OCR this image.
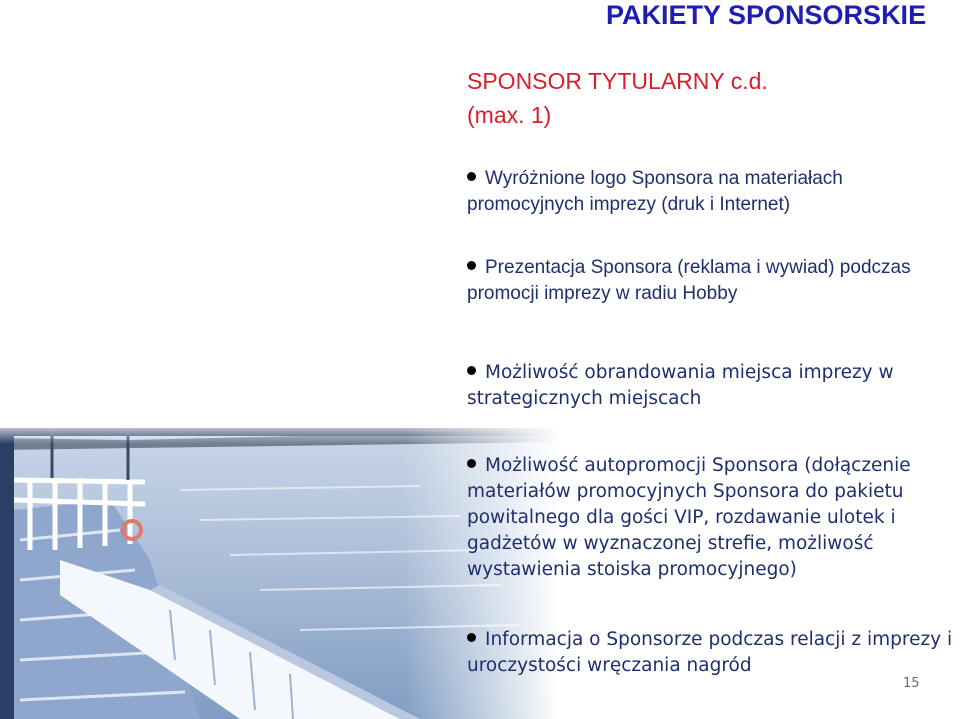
PAKIETY SPONSORSKIE
SPONSOR TYTULARNY c.d.
(max. 1)
Wyróżnione logo Sponsora na materiałach promocyjnych imprezy (druk i Internet)
Prezentacja Sponsora (reklama i wywiad) podczas promocji imprezy w radiu Hobby
Możliwość obrandowania miejsca imprezy w strategicznych miejscach
Możliwość autopromocji Sponsora (dołączenie materiałów promocyjnych Sponsora do pakietu powitalnego dla gości VIP, rozdawanie ulotek i gadżetów w wyznaczonej strefie, możliwość wystawienia stoiska promocyjnego)
Informacja o Sponsorze podczas relacji z imprezy i uroczystości wręczania nagród
15
